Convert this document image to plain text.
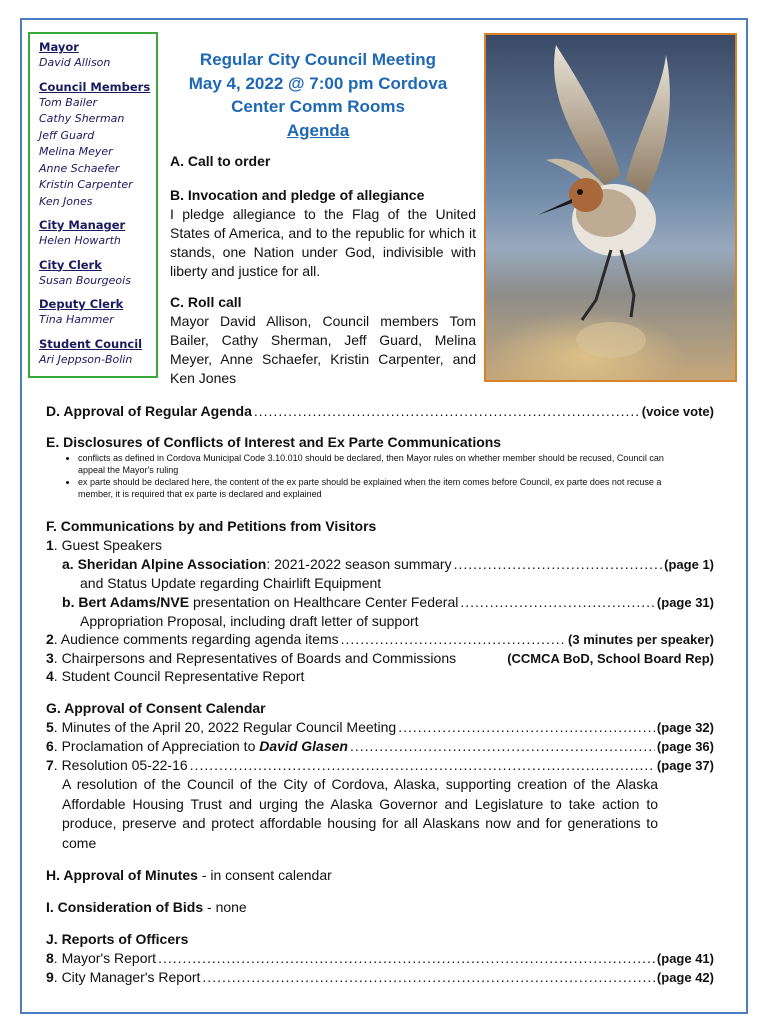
Mayor
David Allison
Council Members
Tom Bailer
Cathy Sherman
Jeff Guard
Melina Meyer
Anne Schaefer
Kristin Carpenter
Ken Jones
City Manager
Helen Howarth
City Clerk
Susan Bourgeois
Deputy Clerk
Tina Hammer
Student Council
Ari Jeppson-Bolin
Regular City Council Meeting
May 4, 2022 @ 7:00 pm Cordova
Center Comm Rooms
Agenda
A. Call to order
B. Invocation and pledge of allegiance
I pledge allegiance to the Flag of the United States of America, and to the republic for which it stands, one Nation under God, indivisible with liberty and justice for all.
C. Roll call
Mayor David Allison, Council members Tom Bailer, Cathy Sherman, Jeff Guard, Melina Meyer, Anne Schaefer, Kristin Carpenter, and Ken Jones
D. Approval of Regular Agenda .....	(voice vote)
E. Disclosures of Conflicts of Interest and Ex Parte Communications
• conflicts as defined in Cordova Municipal Code 3.10.010 should be declared, then Mayor rules on whether member should be recused, Council can appeal the Mayor's ruling
• ex parte should be declared here, the content of the ex parte should be explained when the item comes before Council, ex parte does not recuse a member, it is required that ex parte is declared and explained
F. Communications by and Petitions from Visitors
1. Guest Speakers
a . Sheridan Alpine Association : 2021-2022 season summary .....	(page 1)
and Status Update regarding Chairlift Equipment
b . Bert Adams/NVE presentation on Healthcare Center Federal .....	(page 31)
Appropriation Proposal, including draft letter of support
2 . Audience comments regarding agenda items .....	(3 minutes per speaker)
3 . Chairpersons and Representatives of Boards and Commissions	(CCMCA BoD, School Board Rep)
4. Student Council Representative Report
G. Approval of Consent Calendar
5 . Minutes of the April 20, 2022 Regular Council Meeting .....	(page 32)
6 . Proclamation of Appreciation to David Glasen .....	(page 36)
7 . Resolution 05-22-16 .....	(page 37)
A resolution of the Council of the City of Cordova, Alaska, supporting creation of the Alaska Affordable Housing Trust and urging the Alaska Governor and Legislature to take action to produce, preserve and protect affordable housing for all Alaskans now and for generations to come
H. Approval of Minutes - in consent calendar
I. Consideration of Bids - none
J. Reports of Officers
8 . Mayor's Report .....	(page 41)
9 . City Manager's Report .....	(page 42)
